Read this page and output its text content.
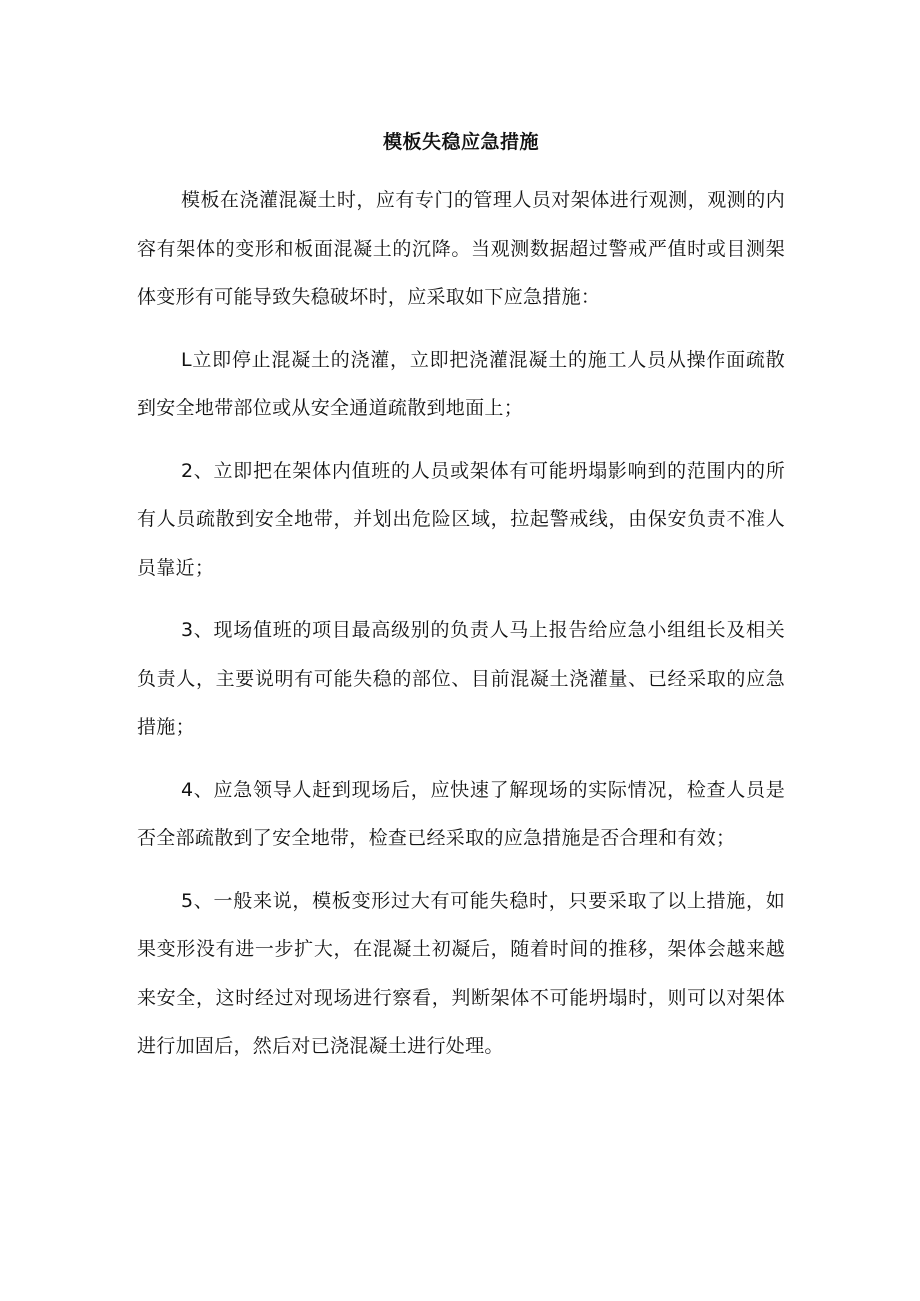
模板失稳应急措施

模板在浇灌混凝土时，应有专门的管理人员对架体进行观测，观测的内容有架体的变形和板面混凝土的沉降。当观测数据超过警戒严值时或目测架体变形有可能导致失稳破坏时，应采取如下应急措施：

L立即停止混凝土的浇灌，立即把浇灌混凝土的施工人员从操作面疏散到安全地带部位或从安全通道疏散到地面上；

2、立即把在架体内值班的人员或架体有可能坍塌影响到的范围内的所有人员疏散到安全地带，并划出危险区域，拉起警戒线，由保安负责不准人员靠近；

3、现场值班的项目最高级别的负责人马上报告给应急小组组长及相关负责人，主要说明有可能失稳的部位、目前混凝土浇灌量、已经采取的应急措施；

4、应急领导人赶到现场后，应快速了解现场的实际情况，检查人员是否全部疏散到了安全地带，检查已经采取的应急措施是否合理和有效；

5、一般来说，模板变形过大有可能失稳时，只要采取了以上措施，如果变形没有进一步扩大，在混凝土初凝后，随着时间的推移，架体会越来越来安全，这时经过对现场进行察看，判断架体不可能坍塌时，则可以对架体进行加固后，然后对已浇混凝土进行处理。
